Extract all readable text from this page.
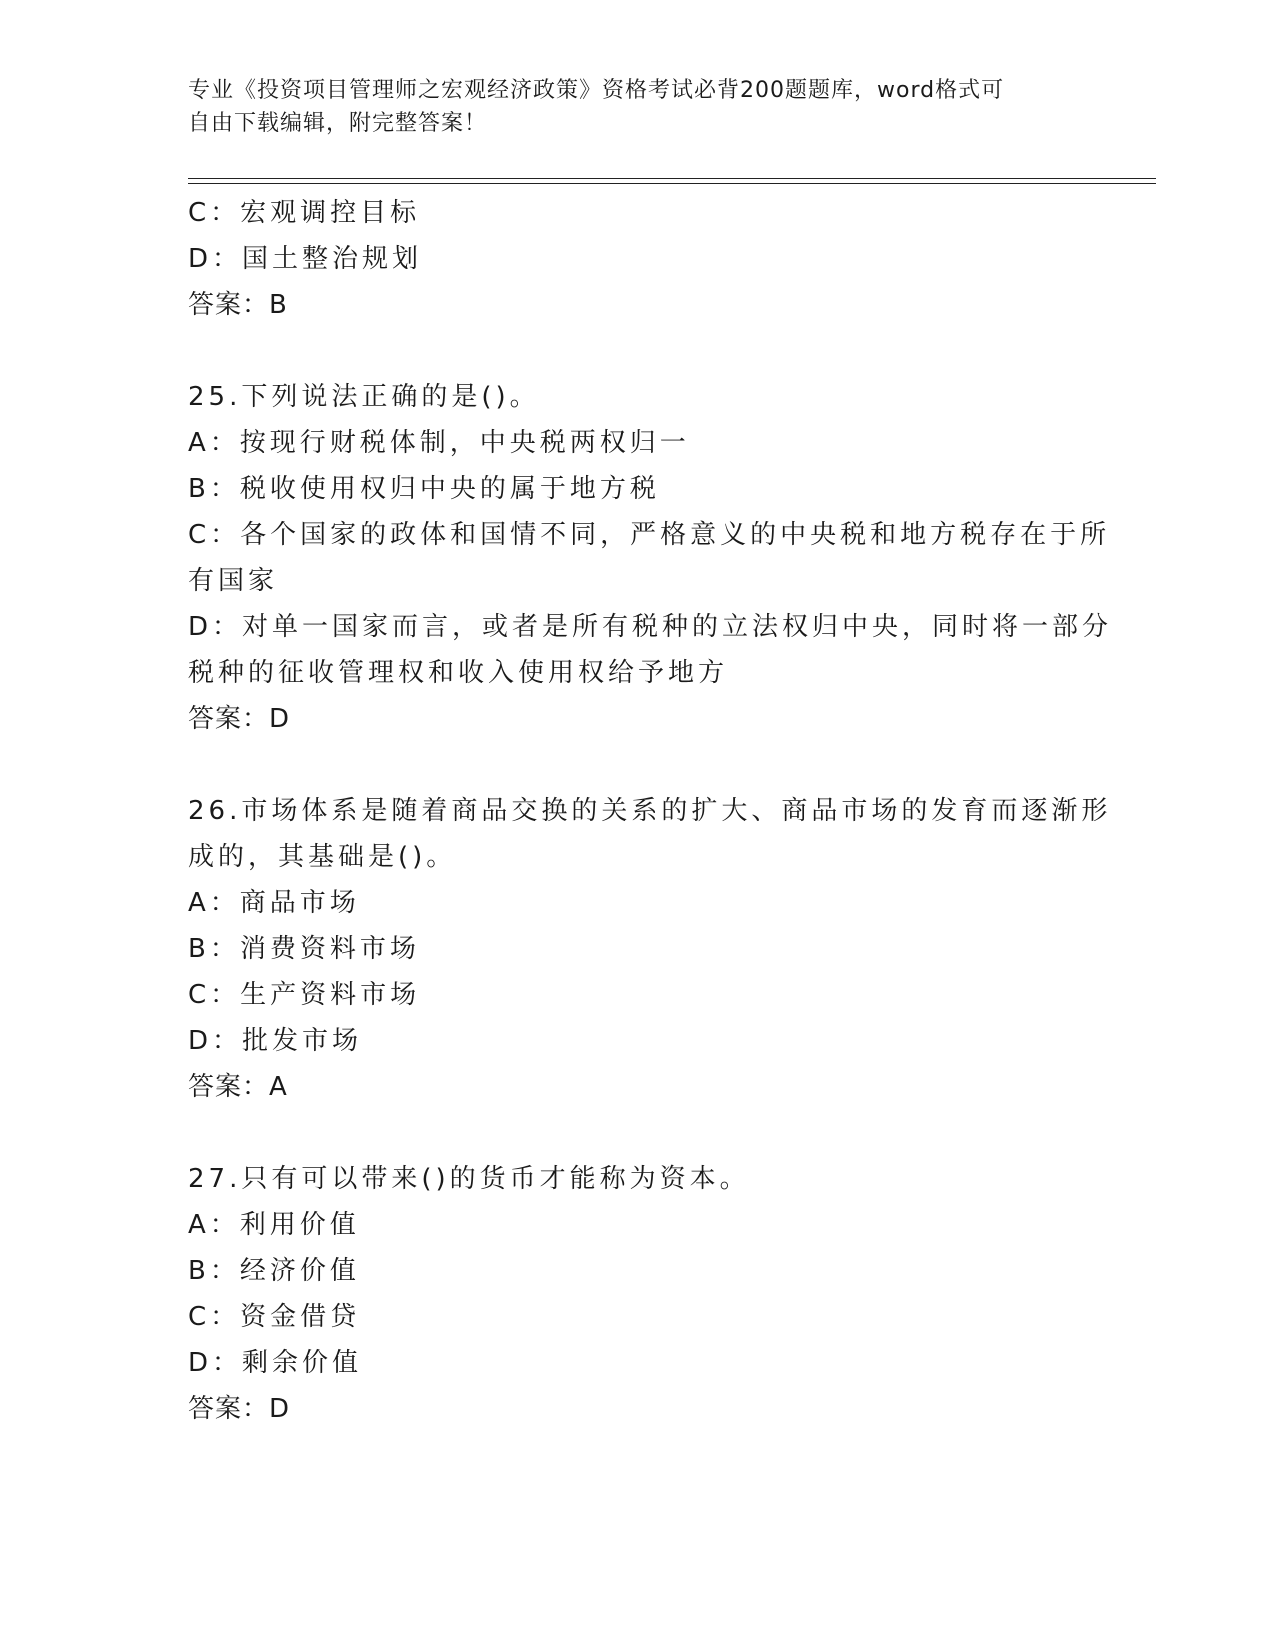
专业《投资项目管理师之宏观经济政策》资格考试必背200题题库，word格式可
自由下载编辑，附完整答案！
C：宏观调控目标
D：国土整治规划
答案：B
25.下列说法正确的是()。
A：按现行财税体制，中央税两权归一
B：税收使用权归中央的属于地方税
C：各个国家的政体和国情不同，严格意义的中央税和地方税存在于所
有国家
D：对单一国家而言，或者是所有税种的立法权归中央，同时将一部分
税种的征收管理权和收入使用权给予地方
答案：D
26.市场体系是随着商品交换的关系的扩大、商品市场的发育而逐渐形
成的，其基础是()。
A：商品市场
B：消费资料市场
C：生产资料市场
D：批发市场
答案：A
27.只有可以带来()的货币才能称为资本。
A：利用价值
B：经济价值
C：资金借贷
D：剩余价值
答案：D
